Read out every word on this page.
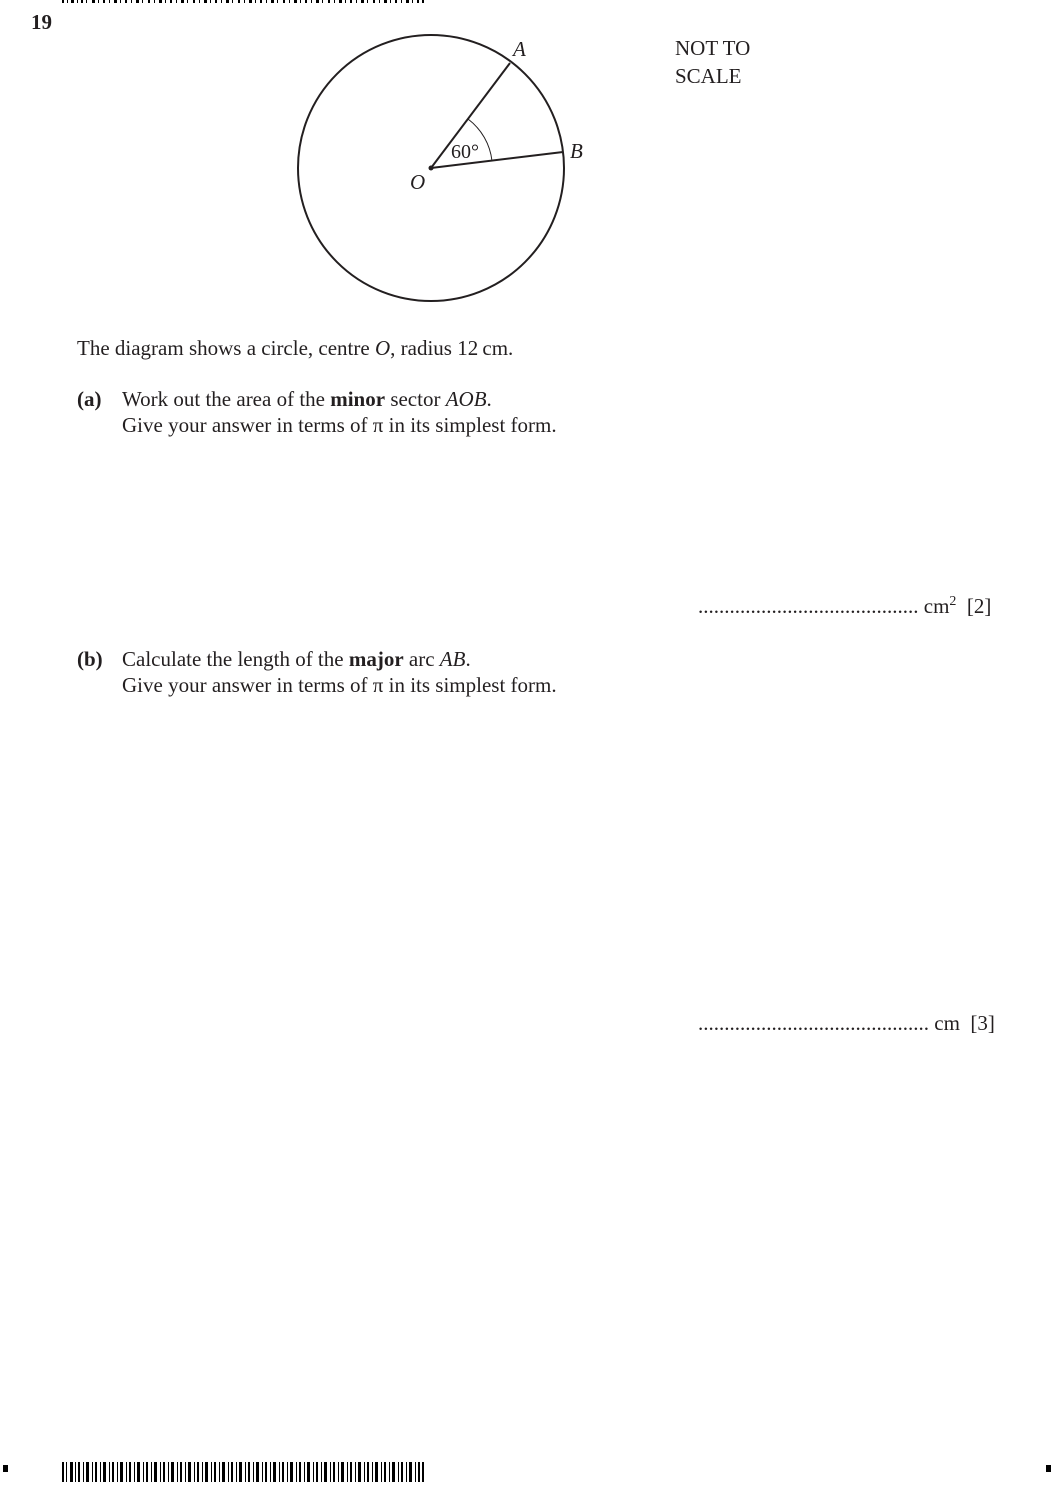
19
A
B
O
60°
NOT TO
SCALE
The diagram shows a circle, centre O, radius 12 cm.
(a) Work out the area of the minor sector AOB.
Give your answer in terms of π in its simplest form.
.......................................... $cm^2$ [2]
(b) Calculate the length of the major arc AB.
Give your answer in terms of π in its simplest form.
............................................ cm [3]
